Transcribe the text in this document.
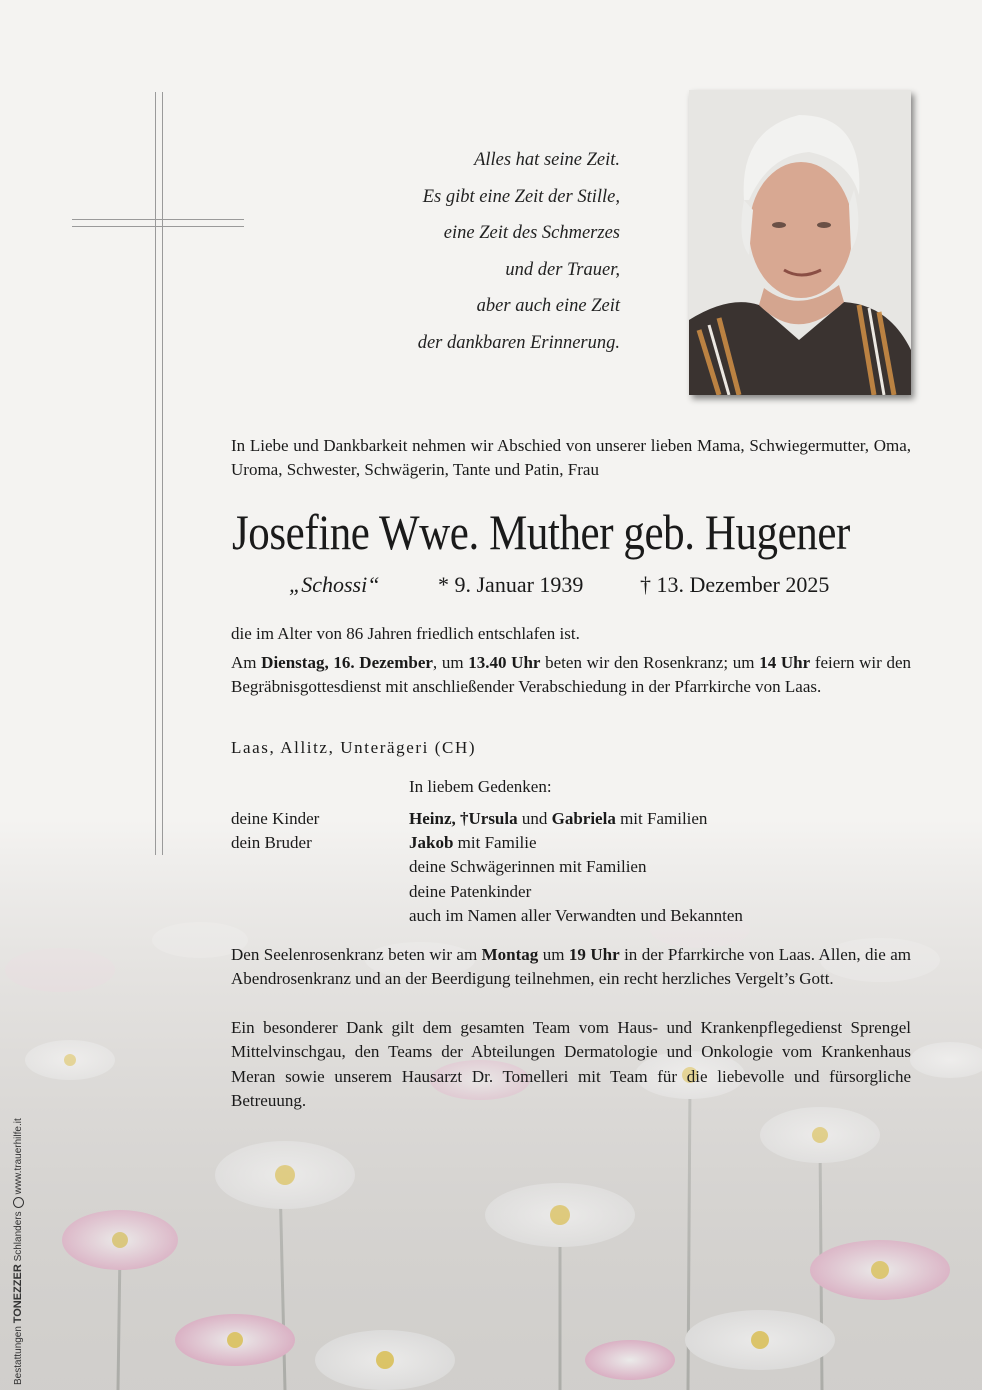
Alles hat seine Zeit.
Es gibt eine Zeit der Stille,
eine Zeit des Schmerzes
und der Trauer,
aber auch eine Zeit
der dankbaren Erinnerung.
In Liebe und Dankbarkeit nehmen wir Abschied von unserer lieben Mama, Schwiegermutter, Oma, Uroma, Schwester, Schwägerin, Tante und Patin, Frau
Josefine Wwe. Muther geb. Hugener
„Schossi“	* 9. Januar 1939	† 13. Dezember 2025
die im Alter von 86 Jahren friedlich entschlafen ist.
Am Dienstag, 16. Dezember, um 13.40 Uhr beten wir den Rosenkranz; um 14 Uhr feiern wir den Begräbnisgottesdienst mit anschließender Verabschiedung in der Pfarrkirche von Laas.
Laas, Allitz, Unterägeri (CH)
In liebem Gedenken:
deine Kinder	Heinz, †Ursula und Gabriela mit Familien
dein Bruder	Jakob mit Familie
deine Schwägerinnen mit Familien
deine Patenkinder
auch im Namen aller Verwandten und Bekannten
Den Seelenrosenkranz beten wir am Montag um 19 Uhr in der Pfarrkirche von Laas. Allen, die am Abendrosenkranz und an der Beerdigung teilnehmen, ein recht herzliches Vergelt’s Gott.
Ein besonderer Dank gilt dem gesamten Team vom Haus- und Krankenpflegedienst Sprengel Mittelvinschgau, den Teams der Abteilungen Dermatologie und Onkologie vom Krankenhaus Meran sowie unserem Hausarzt Dr. Tomelleri mit Team für die liebevolle und fürsorgliche Betreuung.
Bestattungen TONEZZER Schlanderswww.trauerhilfe.it
